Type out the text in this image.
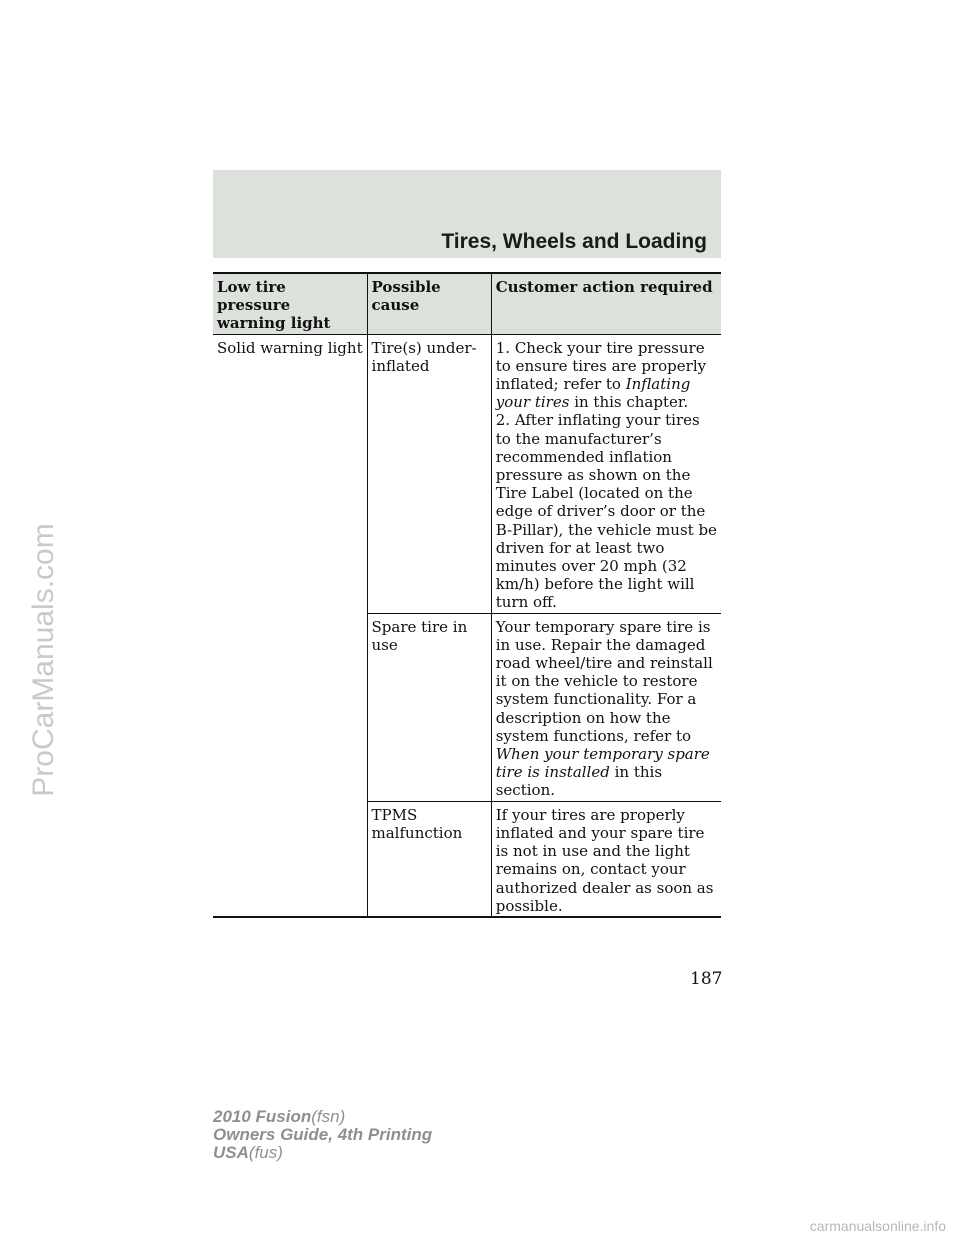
Tires, Wheels and Loading
Low tire pressure warning light	Possible cause	Customer action required
Solid warning light	Tire(s) under-inflated	1. Check your tire pressure to ensure tires are properly inflated; refer to Inflating your tires in this chapter.
2. After inflating your tires to the manufacturer’s recommended inflation pressure as shown on the Tire Label (located on the edge of driver’s door or the B-Pillar), the vehicle must be driven for at least two minutes over 20 mph (32 km/h) before the light will turn off.
	Spare tire in use	Your temporary spare tire is in use. Repair the damaged road wheel/tire and reinstall it on the vehicle to restore system functionality. For a description on how the system functions, refer to When your temporary spare tire is installed in this section.
	TPMS malfunction	If your tires are properly inflated and your spare tire is not in use and the light remains on, contact your authorized dealer as soon as possible.
187
2010 Fusion(fsn)
Owners Guide, 4th Printing
USA(fus)
ProCarManuals.com
carmanualsonline.info
